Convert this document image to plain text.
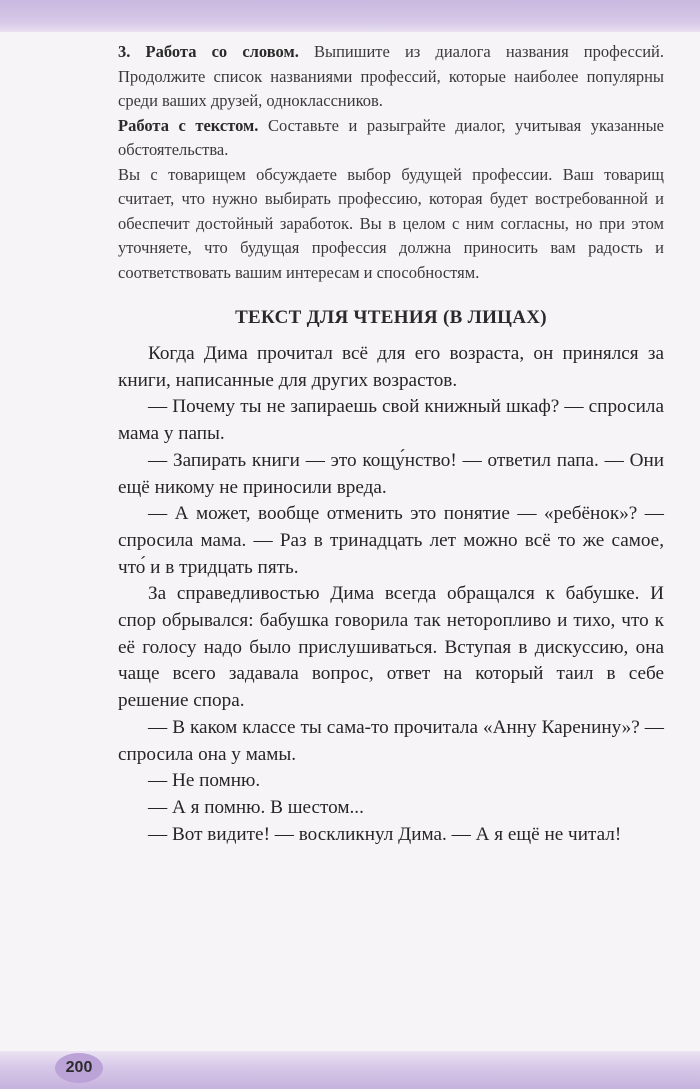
3. Работа со словом. Выпишите из диалога названия профессий. Продолжите список названиями профессий, которые наиболее популярны среди ваших друзей, одноклассников.

Работа с текстом. Составьте и разыграйте диалог, учитывая указанные обстоятельства.

Вы с товарищем обсуждаете выбор будущей профессии. Ваш товарищ считает, что нужно выбирать профессию, которая будет востребованной и обеспечит достойный заработок. Вы в целом с ним согласны, но при этом уточняете, что будущая профессия должна приносить вам радость и соответствовать вашим интересам и способностям.

ТЕКСТ ДЛЯ ЧТЕНИЯ (В ЛИЦАХ)

Когда Дима прочитал всё для его возраста, он принялся за книги, написанные для других возрастов.

— Почему ты не запираешь свой книжный шкаф? — спросила мама у папы.

— Запирать книги — это кощу́нство! — ответил папа. — Они ещё никому не приносили вреда.

— А может, вообще отменить это понятие — «ребёнок»? — спросила мама. — Раз в тринадцать лет можно всё то же самое, что́ и в тридцать пять.

За справедливостью Дима всегда обращался к бабушке. И спор обрывался: бабушка говорила так неторопливо и тихо, что к её голосу надо было прислушиваться. Вступая в дискуссию, она чаще всего задавала вопрос, ответ на который таил в себе решение спора.

— В каком классе ты сама-то прочитала «Анну Каренину»? — спросила она у мамы.

— Не помню.

— А я помню. В шестом...

— Вот видите! — воскликнул Дима. — А я ещё не читал!

200
